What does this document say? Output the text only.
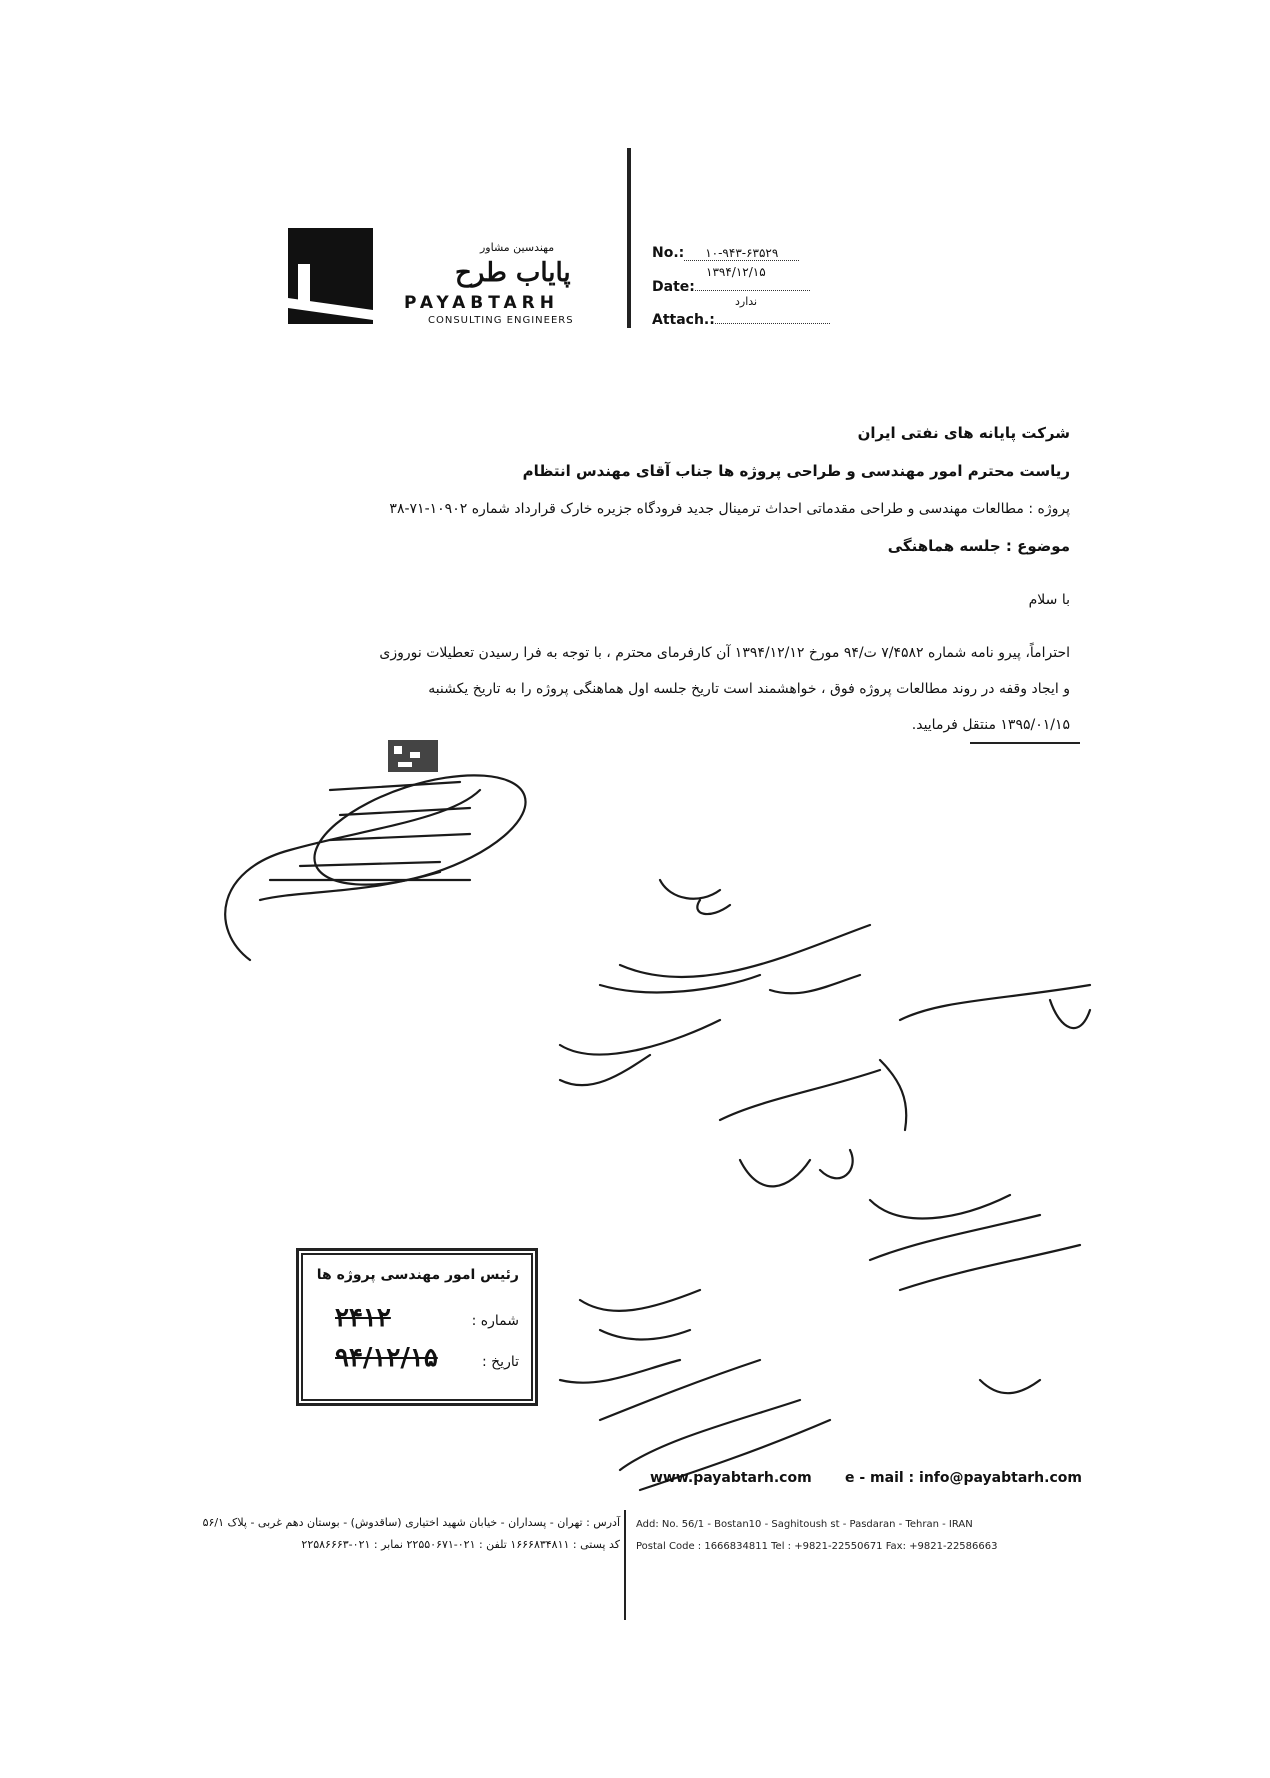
مهندسین مشاور
پایاب طرح
PAYABTARH
CONSULTING ENGINEERS
No.: ۱۰-۹۴۳-۶۳۵۲۹
۱۳۹۴/۱۲/۱۵
Date:
ندارد
Attach.:
شرکت پایانه های نفتی ایران
ریاست محترم امور مهندسی و طراحی پروژه ها جناب آقای مهندس انتظام
پروژه : مطالعات مهندسی و طراحی مقدماتی احداث ترمینال جدید فرودگاه جزیره خارک قرارداد شماره ۱۰۹۰۲-۷۱-۳۸
موضوع : جلسه هماهنگی
با سلام
احتراماً، پیرو نامه شماره ۷/۴۵۸۲ ت/۹۴ مورخ ۱۳۹۴/۱۲/۱۲ آن کارفرمای محترم ، با توجه به فرا رسیدن تعطیلات نوروزی
و ایجاد وقفه در روند مطالعات پروژه فوق ، خواهشمند است تاریخ جلسه اول هماهنگی پروژه را به تاریخ یکشنبه
۱۳۹۵/۰۱/۱۵ منتقل فرمایید.
رئیس امور مهندسی پروژه ها
شماره :
۲۴۱۲
تاریخ :
۹۴/۱۲/۱۵
www.payabtarh.com e - mail : info@payabtarh.com
Add: No. 56/1 - Bostan10 - Saghitoush st - Pasdaran - Tehran - IRAN
Postal Code : 1666834811 Tel : +9821-22550671 Fax: +9821-22586663
آدرس : تهران - پسداران - خیابان شهید اختیاری (ساقدوش) - بوستان دهم غربی - پلاک ۵۶/۱
کد پستی : ۱۶۶۶۸۳۴۸۱۱ تلفن : ۰۲۱-۲۲۵۵۰۶۷۱ نمابر : ۰۲۱-۲۲۵۸۶۶۶۳
